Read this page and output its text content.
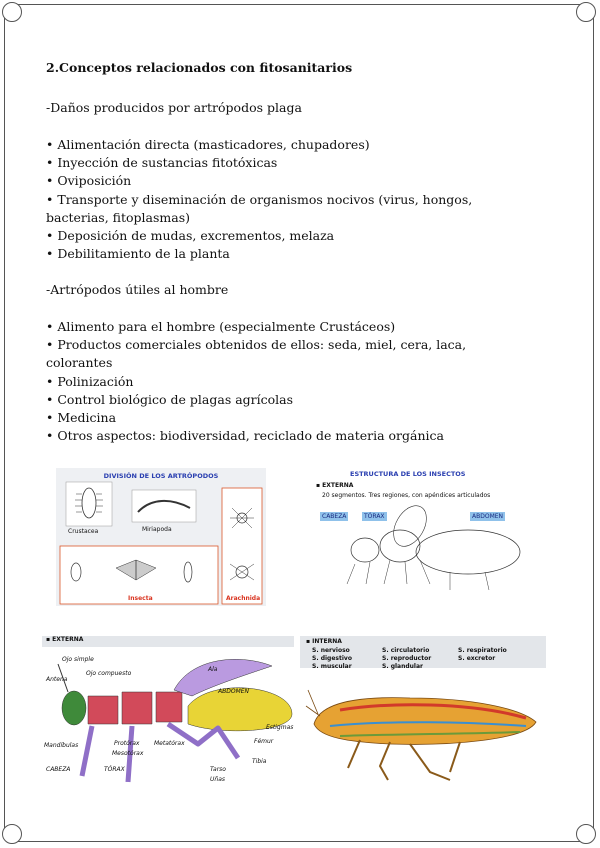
2.Conceptos relacionados con fitosanitarios
-Daños producidos por artrópodos plaga
• Alimentación directa (masticadores, chupadores)
• Inyección de sustancias fitotóxicas
• Oviposición
• Transporte y diseminación de organismos nocivos (virus, hongos, bacterias, fitoplasmas)
• Deposición de mudas, excrementos, melaza
• Debilitamiento de la planta
-Artrópodos útiles al hombre
• Alimento para el hombre (especialmente Crustáceos)
• Productos comerciales obtenidos de ellos: seda, miel, cera, laca, colorantes
• Polinización
• Control biológico de plagas agrícolas
• Medicina
• Otros aspectos: biodiversidad, reciclado de materia orgánica
DIVISIÓN DE LOS ARTRÓPODOS
Crustacea	Miriapoda
Insecta	Arachnida
ESTRUCTURA DE LOS INSECTOS
▪ EXTERNA
20 segmentos. Tres regiones, con apéndices articulados
CABEZA	TÓRAX	ABDOMEN
▪ EXTERNA
Ojo simple
Antena
Ojo compuesto
Ala
ABDOMEN
Estigmas
Fémur
Tibia
Tarso
Uñas
Mandíbulas	Protórax
Mesotórax
Metatórax
CABEZA	TÓRAX
▪ INTERNA
S. nervioso	S. circulatorio	S. respiratorio
S. digestivo	S. reproductor	S. excretor
S. muscular	S. glandular
